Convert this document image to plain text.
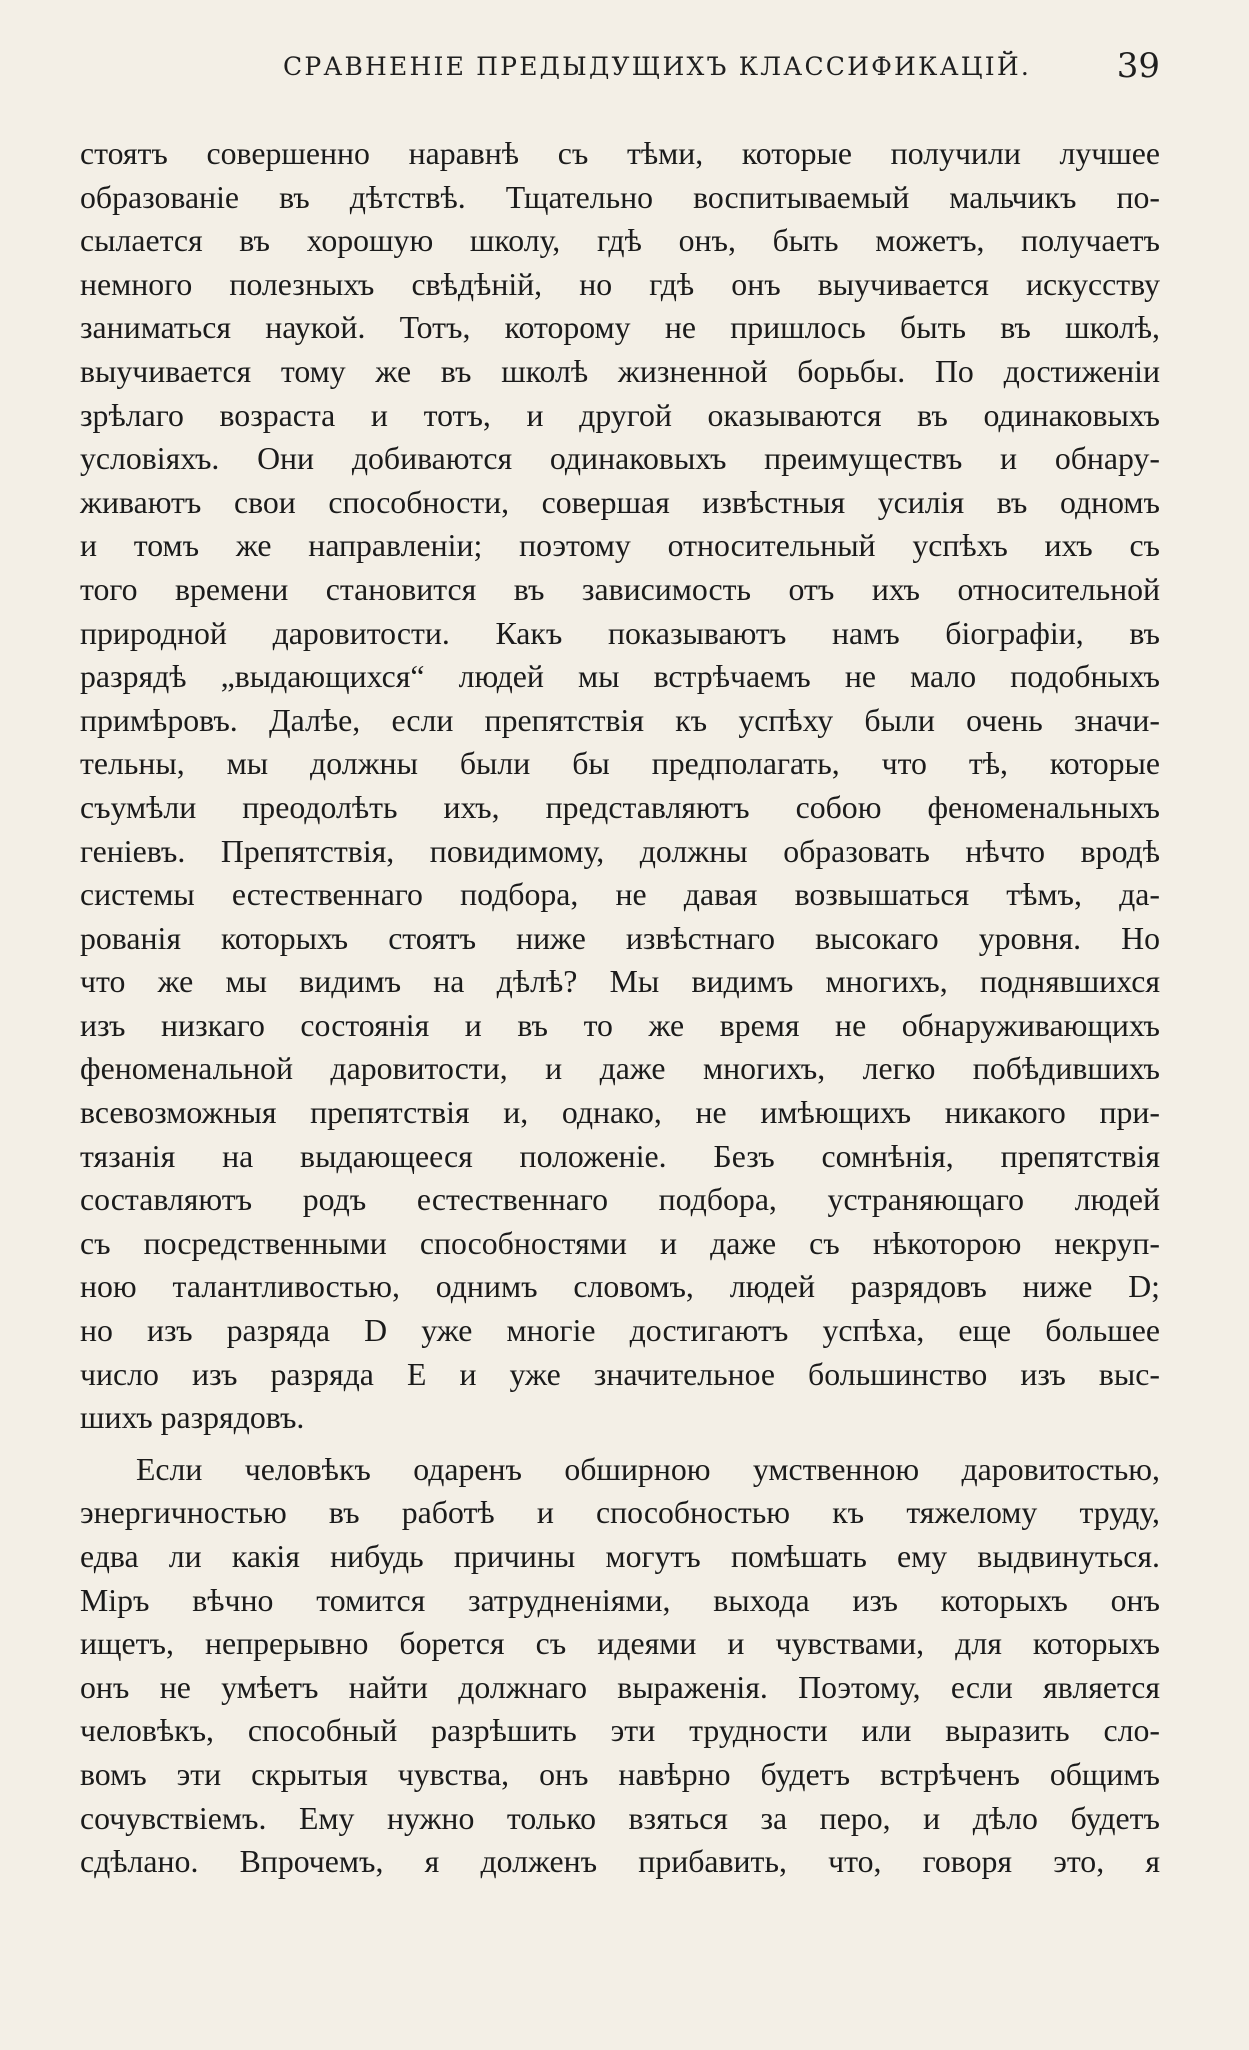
СРАВНЕНІЕ ПРЕДЫДУЩИХЪ КЛАССИФИКАЦІЙ.	39
стоятъ совершенно наравнѣ съ тѣми, которые получили лучшее
образованіе въ дѣтствѣ. Тщательно воспитываемый мальчикъ по-
сылается въ хорошую школу, гдѣ онъ, быть можетъ, получаетъ
немного полезныхъ свѣдѣній, но гдѣ онъ выучивается искусству
заниматься наукой. Тотъ, которому не пришлось быть въ школѣ,
выучивается тому же въ школѣ жизненной борьбы. По достиженіи
зрѣлаго возраста и тотъ, и другой оказываются въ одинаковыхъ
условіяхъ. Они добиваются одинаковыхъ преимуществъ и обнару-
живаютъ свои способности, совершая извѣстныя усилія въ одномъ
и томъ же направленіи; поэтому относительный успѣхъ ихъ съ
того времени становится въ зависимость отъ ихъ относительной
природной даровитости. Какъ показываютъ намъ біографіи, въ
разрядѣ „выдающихся“ людей мы встрѣчаемъ не мало подобныхъ
примѣровъ. Далѣе, если препятствія къ успѣху были очень значи-
тельны, мы должны были бы предполагать, что тѣ, которые
съумѣли преодолѣть ихъ, представляютъ собою феноменальныхъ
геніевъ. Препятствія, повидимому, должны образовать нѣчто вродѣ
системы естественнаго подбора, не давая возвышаться тѣмъ, да-
рованія которыхъ стоятъ ниже извѣстнаго высокаго уровня. Но
что же мы видимъ на дѣлѣ? Мы видимъ многихъ, поднявшихся
изъ низкаго состоянія и въ то же время не обнаруживающихъ
феноменальной даровитости, и даже многихъ, легко побѣдившихъ
всевозможныя препятствія и, однако, не имѣющихъ никакого при-
тязанія на выдающееся положеніе. Безъ сомнѣнія, препятствія
составляютъ родъ естественнаго подбора, устраняющаго людей
съ посредственными способностями и даже съ нѣкоторою некруп-
ною талантливостью, однимъ словомъ, людей разрядовъ ниже D;
но изъ разряда D уже многіе достигаютъ успѣха, еще большее
число изъ разряда E и уже значительное большинство изъ выс-
шихъ разрядовъ.
Если человѣкъ одаренъ обширною умственною даровитостью,
энергичностью въ работѣ и способностью къ тяжелому труду,
едва ли какія нибудь причины могутъ помѣшать ему выдвинуться.
Міръ вѣчно томится затрудненіями, выхода изъ которыхъ онъ
ищетъ, непрерывно борется съ идеями и чувствами, для которыхъ
онъ не умѣетъ найти должнаго выраженія. Поэтому, если является
человѣкъ, способный разрѣшить эти трудности или выразить сло-
вомъ эти скрытыя чувства, онъ навѣрно будетъ встрѣченъ общимъ
сочувствіемъ. Ему нужно только взяться за перо, и дѣло будетъ
сдѣлано. Впрочемъ, я долженъ прибавить, что, говоря это, я
